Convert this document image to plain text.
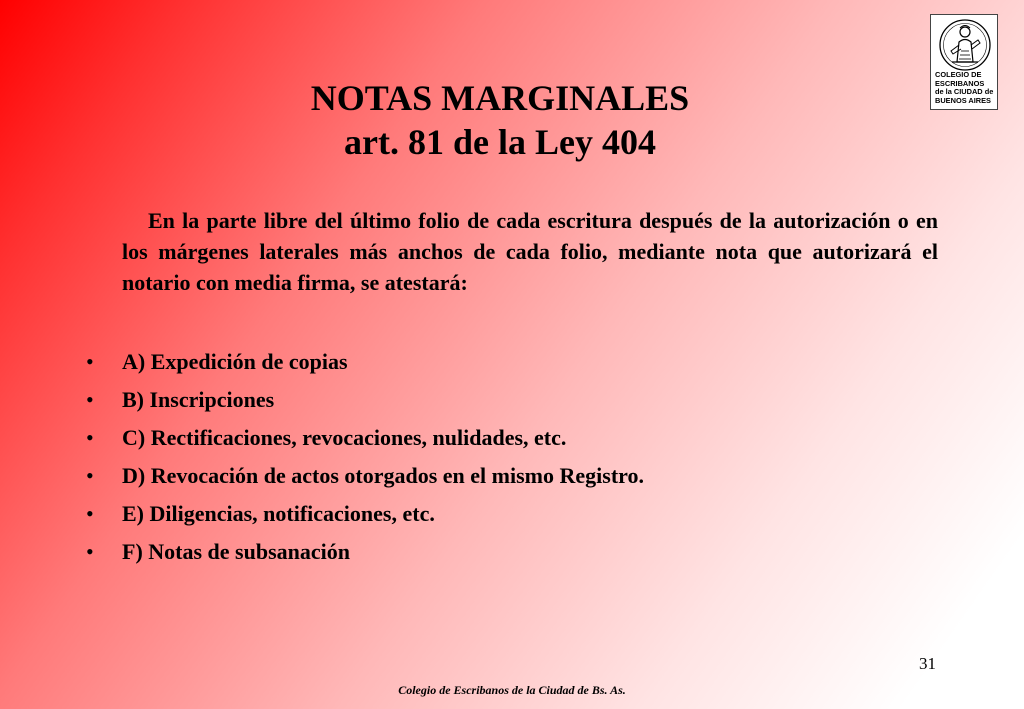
COLEGIO DE
ESCRIBANOS
de la CIUDAD de
BUENOS AIRES
NOTAS MARGINALES
art. 81 de la Ley 404
En la parte libre del último folio de cada escritura después de la autorización o en los márgenes laterales más anchos de cada folio, mediante nota que autorizará el notario con media firma, se atestará:
•	A) Expedición de copias
•	B) Inscripciones
•	C) Rectificaciones, revocaciones, nulidades, etc.
•	D) Revocación de actos otorgados en el mismo Registro.
•	E) Diligencias, notificaciones, etc.
•	F) Notas de subsanación
31
Colegio de Escribanos de la Ciudad de Bs. As.
